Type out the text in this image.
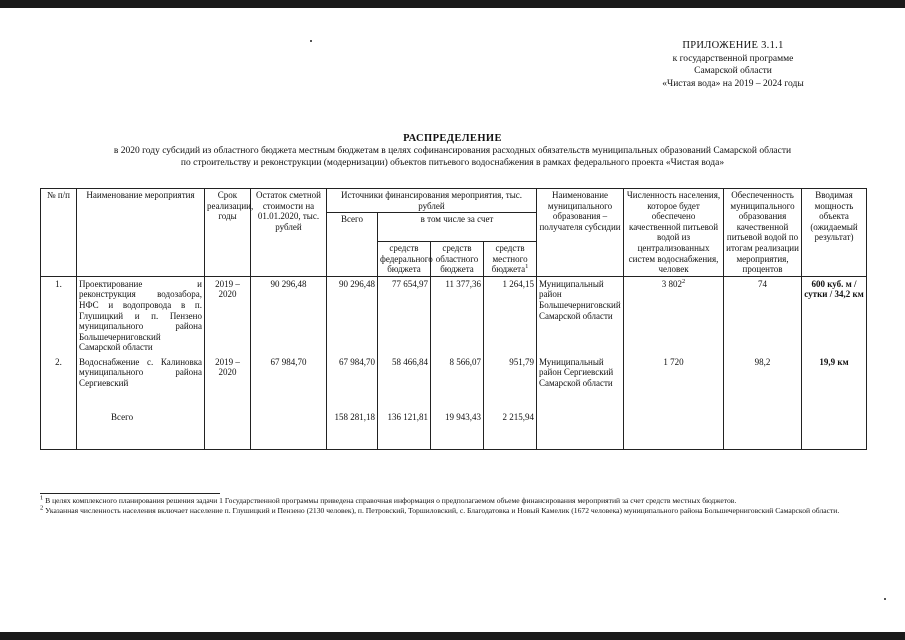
ПРИЛОЖЕНИЕ 3.1.1
к государственной программе
Самарской области
«Чистая вода» на 2019 – 2024 годы
РАСПРЕДЕЛЕНИЕ
в 2020 году субсидий из областного бюджета местным бюджетам в целях софинансирования расходных обязательств муниципальных образований Самарской области
по строительству и реконструкции (модернизации) объектов питьевого водоснабжения в рамках федерального проекта «Чистая вода»
№ п/п	Наименование мероприятия	Срок реализации, годы	Остаток сметной стоимости на 01.01.2020, тыс. рублей	Источники финансирования мероприятия, тыс. рублей				Наименование муниципального образования – получателя субсидии	Численность населения, которое будет обеспечено качественной питьевой водой из централизованных систем водоснабжения, человек	Обеспеченность муниципального образования качественной питьевой водой по итогам реализации мероприятия, процентов	Вводимая мощность объекта (ожидаемый результат)
				Всего	в том числе за счет						
					средств федерального бюджета	средств областного бюджета	средств местного бюджета$^1$
1.	Проектирование и реконструкция водозабора, НФС и водопровода в п. Глушицкий и п. Пензено муниципального района Большечерниговский Самарской области	2019 – 2020	90 296,48	90 296,48	77 654,97	11 377,36	1 264,15	Муниципальный район Большечерниговский Самарской области	3 $802^2$	74	600 куб. м / сутки / 34,2 км
2.	Водоснабжение с. Калиновка муниципального района Сергиевский	2019 – 2020	67 984,70	67 984,70	58 466,84	8 566,07	951,79	Муниципальный район Сергиевский Самарской области	1 720	98,2	19,9 км
	Всего			158 281,18	136 121,81	19 943,43	2 215,94				
$^1$ В целях комплексного планирования решения задачи 1 Государственной программы приведена справочная информация о предполагаемом объеме финансирования мероприятий за счет средств местных бюджетов.
$^2$ Указанная численность населения включает население п. Глушицкий и Пензено (2130 человек), п. Петровский, Торшиловский, с. Благодатовка и Новый Камелик (1672 человека) муниципального района Большечерниговский Самарской области.
